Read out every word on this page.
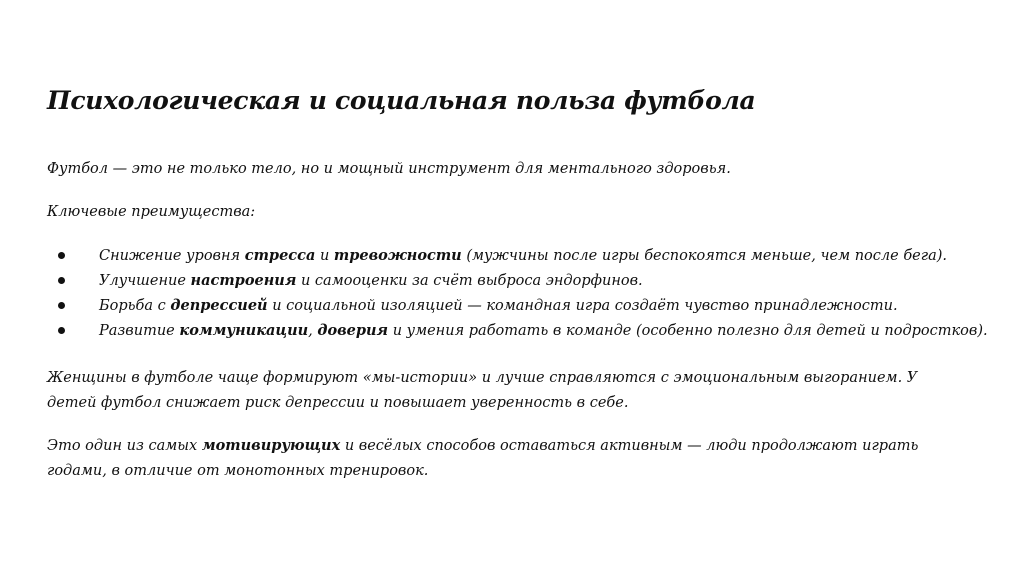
Психологическая и социальная польза футбола

Футбол — это не только тело, но и мощный инструмент для ментального здоровья.

Ключевые преимущества:

Снижение уровня стресса и тревожности (мужчины после игры беспокоятся меньше, чем после бега).
Улучшение настроения и самооценки за счёт выброса эндорфинов.
Борьба с депрессией и социальной изоляцией — командная игра создаёт чувство принадлежности.
Развитие коммуникации, доверия и умения работать в команде (особенно полезно для детей и подростков).

Женщины в футболе чаще формируют «мы-истории» и лучше справляются с эмоциональным выгоранием. У детей футбол снижает риск депрессии и повышает уверенность в себе.

Это один из самых мотивирующих и весёлых способов оставаться активным — люди продолжают играть годами, в отличие от монотонных тренировок.
